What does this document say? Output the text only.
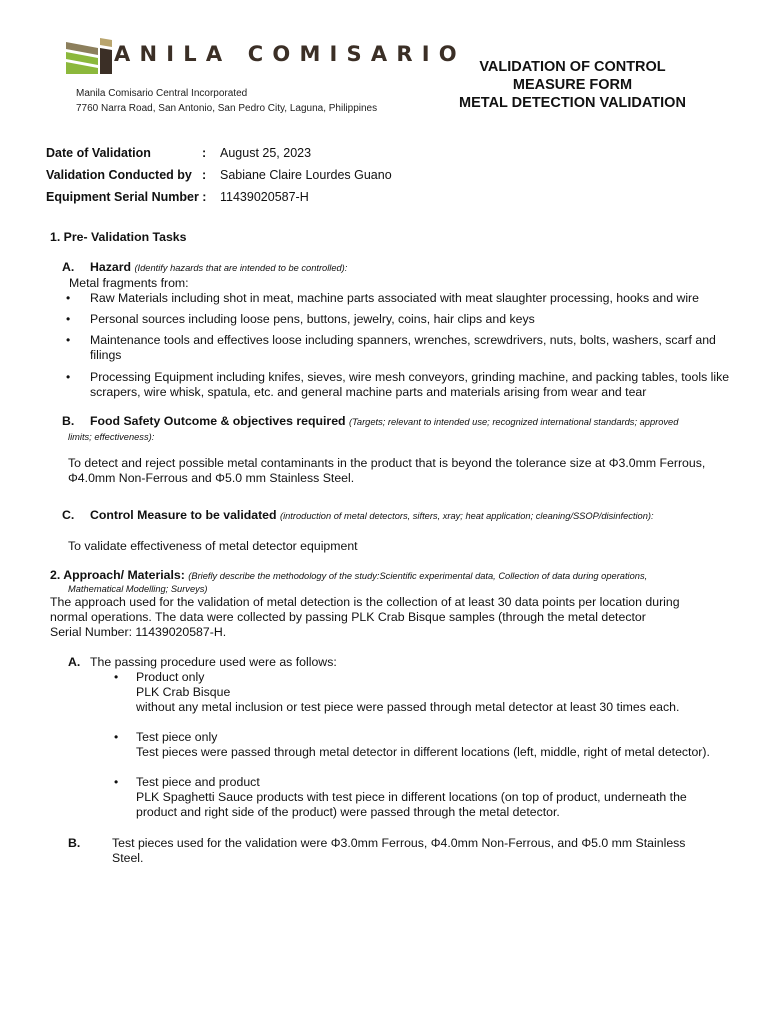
ANILA COMISARIO
Manila Comisario Central Incorporated
7760 Narra Road, San Antonio, San Pedro City, Laguna, Philippines
VALIDATION OF CONTROL
MEASURE FORM
METAL DETECTION VALIDATION
Date of Validation	: August 25, 2023
Validation Conducted by : Sabiane Claire Lourdes Guano
Equipment Serial Number : 11439020587-H
1. Pre- Validation Tasks
A. Hazard (Identify hazards that are intended to be controlled):
Metal fragments from:
• Raw Materials including shot in meat, machine parts associated with meat slaughter processing, hooks and wire
• Personal sources including loose pens, buttons, jewelry, coins, hair clips and keys
• Maintenance tools and effectives loose including spanners, wrenches, screwdrivers, nuts, bolts, washers, scarf and filings
• Processing Equipment including knifes, sieves, wire mesh conveyors, grinding machine, and packing tables, tools like scrapers, wire whisk, spatula, etc. and general machine parts and materials arising from wear and tear
B. Food Safety Outcome & objectives required (Targets; relevant to intended use; recognized international standards; approved
limits; effectiveness):
To detect and reject possible metal contaminants in the product that is beyond the tolerance size at Φ3.0mm Ferrous,
Φ4.0mm Non-Ferrous and Φ5.0 mm Stainless Steel.
C. Control Measure to be validated (introduction of metal detectors, sifters, xray; heat application; cleaning/SSOP/disinfection):
To validate effectiveness of metal detector equipment
2. Approach/ Materials: (Briefly describe the methodology of the study:Scientific experimental data, Collection of data during operations,
Mathematical Modelling; Surveys)
The approach used for the validation of metal detection is the collection of at least 30 data points per location during
normal operations. The data were collected by passing PLK Crab Bisque samples (through the metal detector
Serial Number: 11439020587-H.
A. The passing procedure used were as follows:
• Product only
PLK Crab Bisque
without any metal inclusion or test piece were passed through metal detector at least 30 times each.
• Test piece only
Test pieces were passed through metal detector in different locations (left, middle, right of metal detector).
• Test piece and product
PLK Spaghetti Sauce products with test piece in different locations (on top of product, underneath the
product and right side of the product) were passed through the metal detector.
B.	Test pieces used for the validation were Φ3.0mm Ferrous, Φ4.0mm Non-Ferrous, and Φ5.0 mm Stainless
Steel.
